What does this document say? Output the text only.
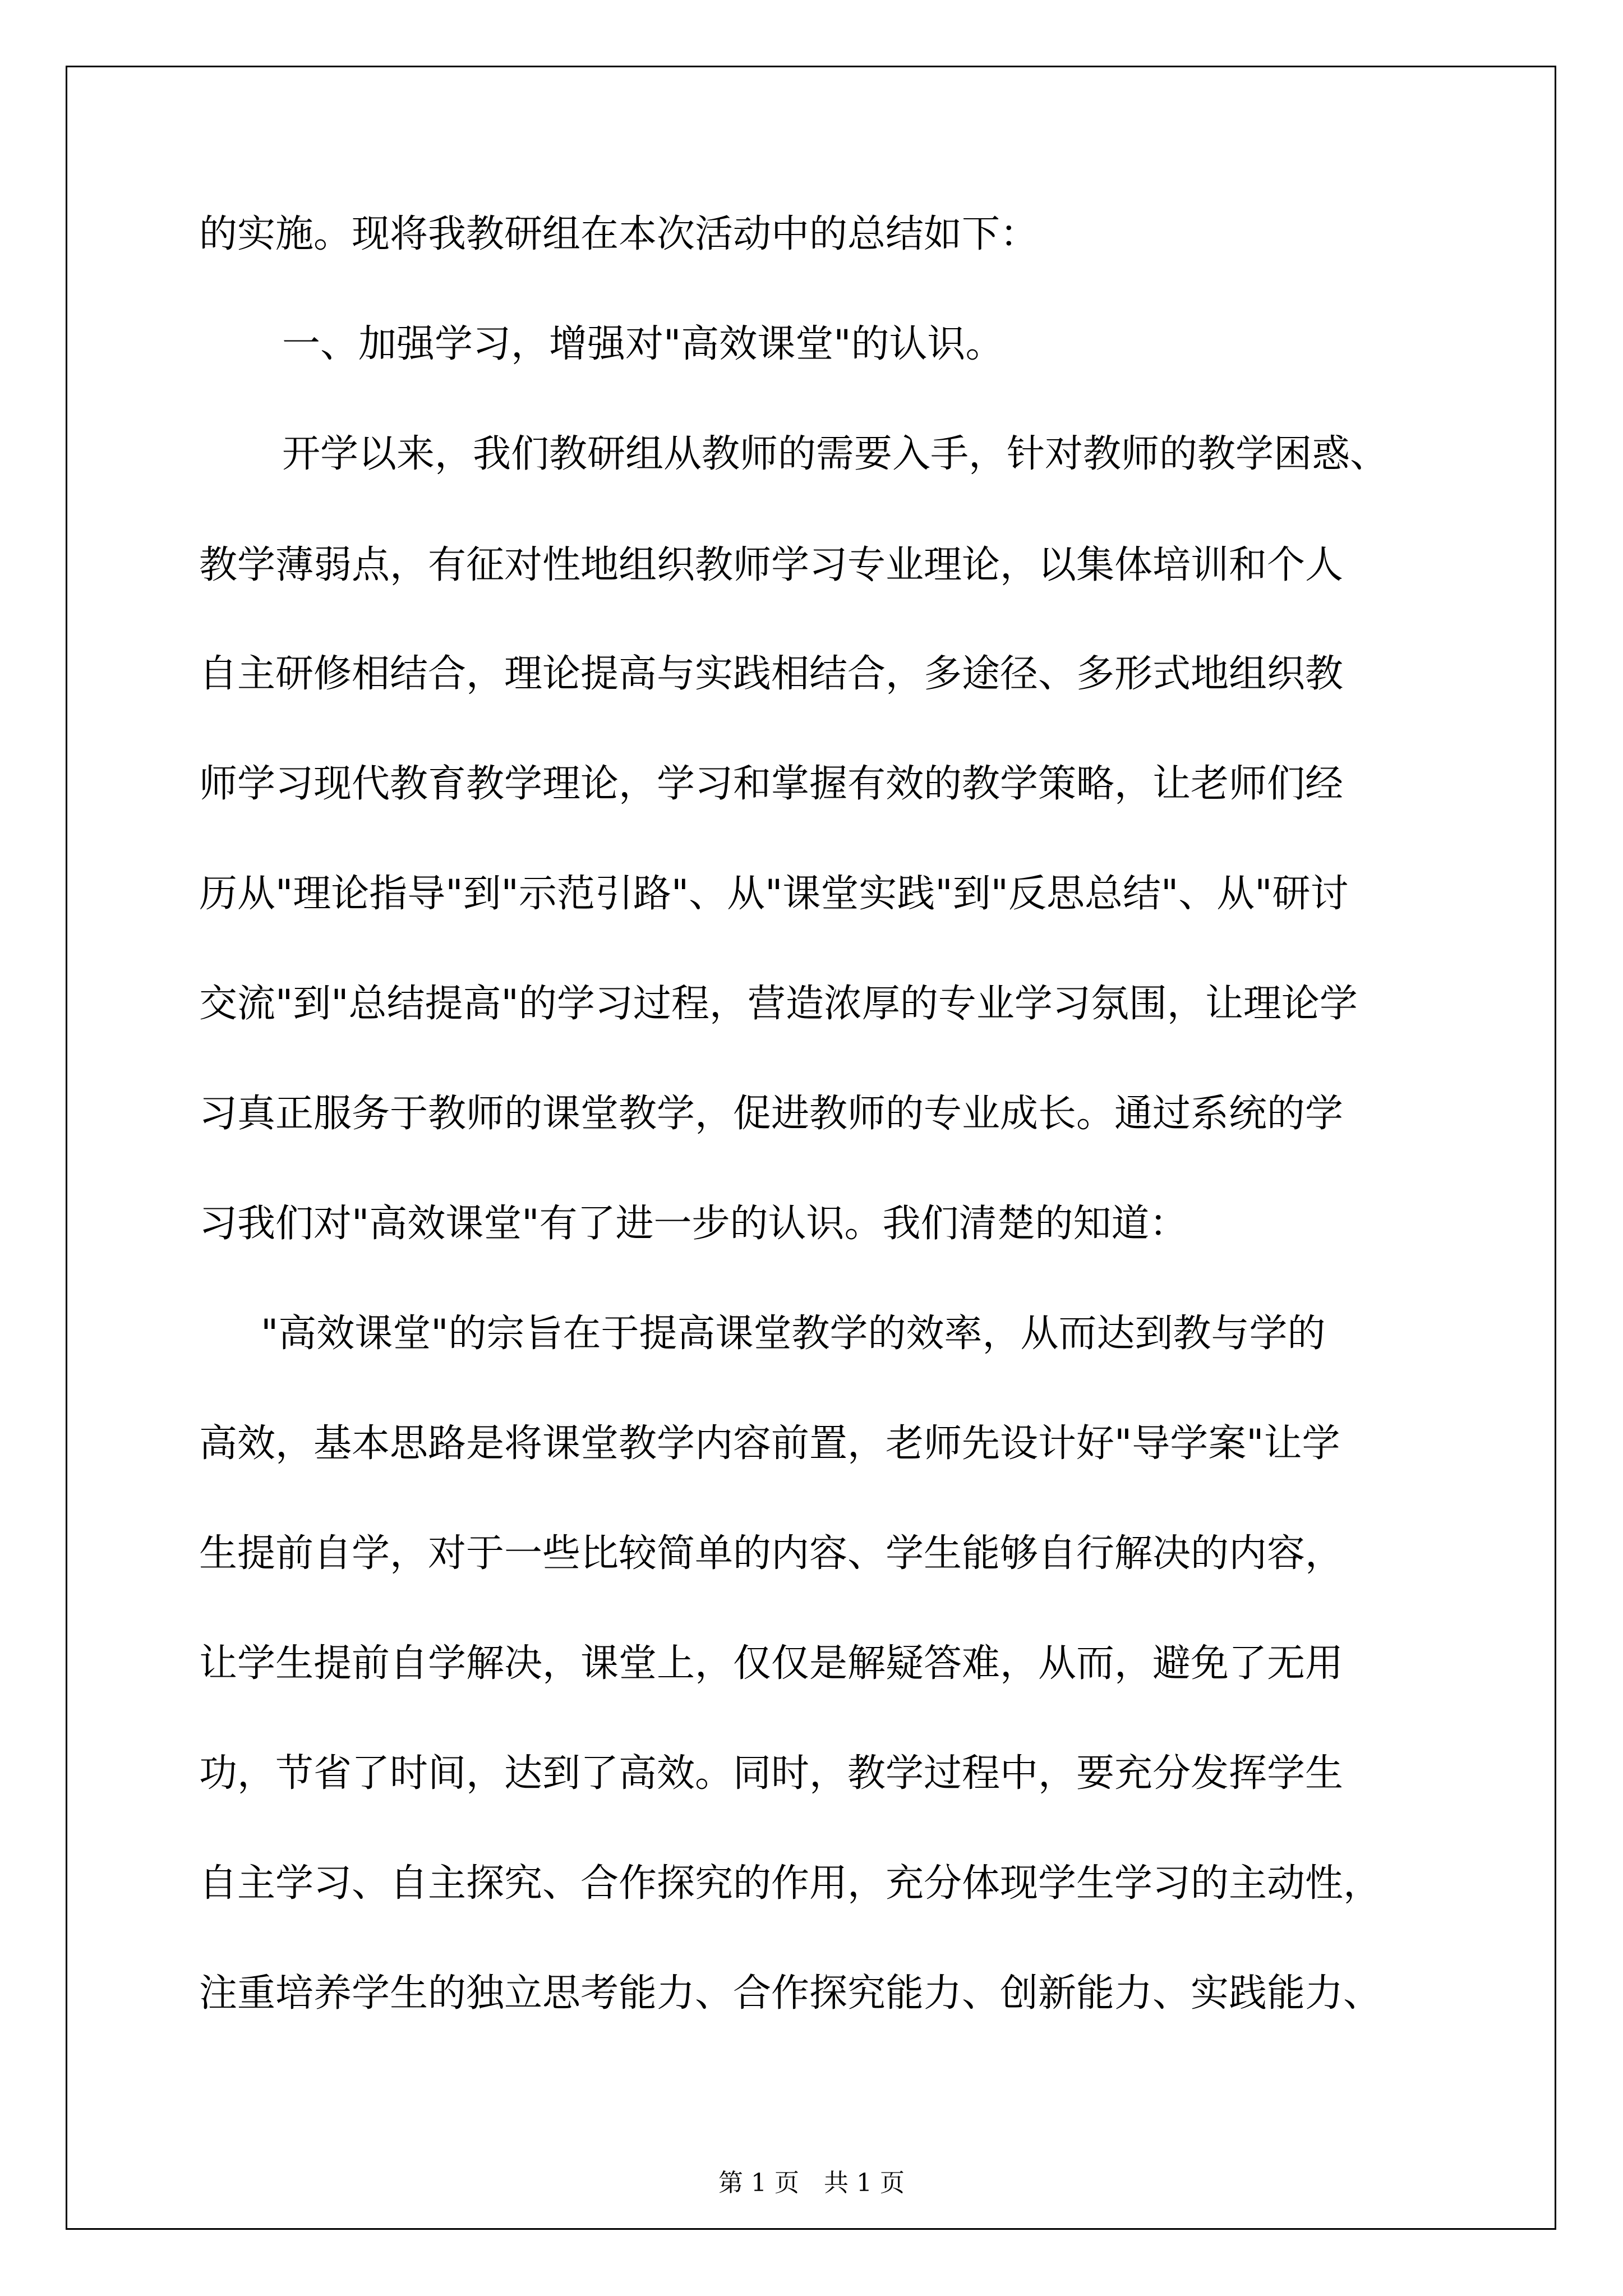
的实施。现将我教研组在本次活动中的总结如下：
一、加强学习，增强对"高效课堂"的认识。
开学以来，我们教研组从教师的需要入手，针对教师的教学困惑、
教学薄弱点，有征对性地组织教师学习专业理论，以集体培训和个人
自主研修相结合，理论提高与实践相结合，多途径、多形式地组织教
师学习现代教育教学理论，学习和掌握有效的教学策略，让老师们经
历从"理论指导"到"示范引路"、从"课堂实践"到"反思总结"、从"研讨
交流"到"总结提高"的学习过程，营造浓厚的专业学习氛围，让理论学
习真正服务于教师的课堂教学，促进教师的专业成长。通过系统的学
习我们对"高效课堂"有了进一步的认识。我们清楚的知道：
"高效课堂"的宗旨在于提高课堂教学的效率，从而达到教与学的
高效，基本思路是将课堂教学内容前置，老师先设计好"导学案"让学
生提前自学，对于一些比较简单的内容、学生能够自行解决的内容，
让学生提前自学解决，课堂上，仅仅是解疑答难，从而，避免了无用
功，节省了时间，达到了高效。同时，教学过程中，要充分发挥学生
自主学习、自主探究、合作探究的作用，充分体现学生学习的主动性，
注重培养学生的独立思考能力、合作探究能力、创新能力、实践能力、
第 1 页　共 1 页
